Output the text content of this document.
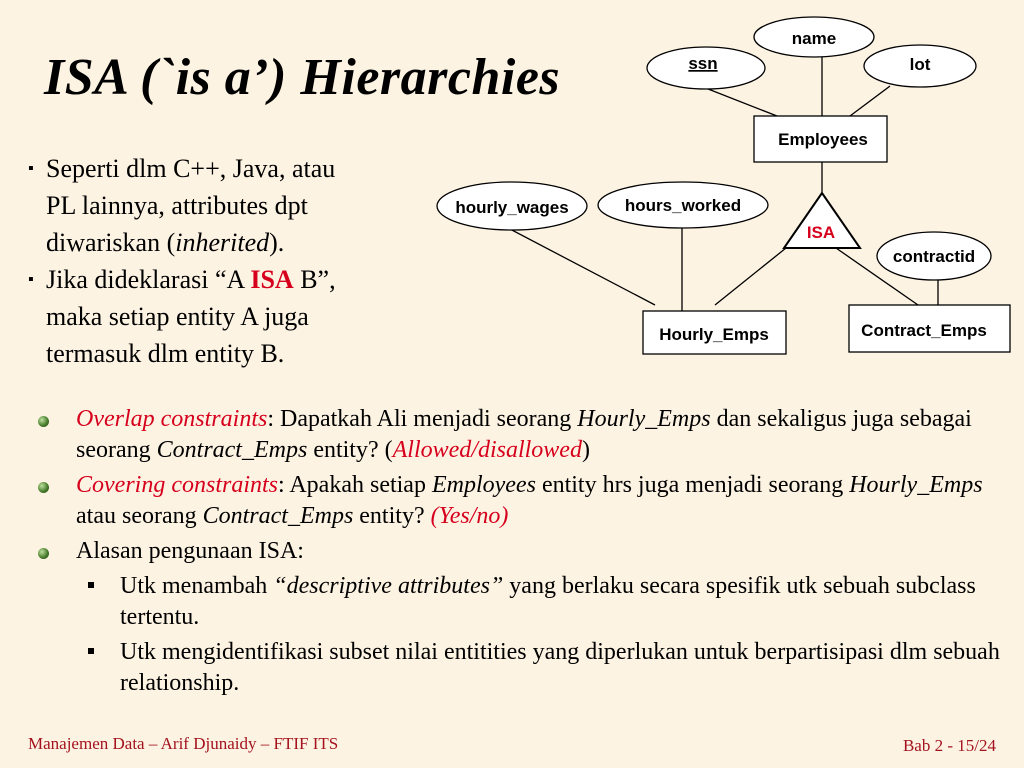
ISA (`is a’) Hierarchies
▪ Seperti dlm C++, Java, atau
PL lainnya, attributes dpt
diwariskan (inherited).
▪ Jika dideklarasi “A ISA B”,
maka setiap entity A juga
termasuk dlm entity B.
name
ssn	lot
Employees
hourly_wages	hours_worked
ISA
contractid
Hourly_Emps	Contract_Emps
Overlap constraints: Dapatkah Ali menjadi seorang Hourly_Emps dan sekaligus juga sebagai seorang Contract_Emps entity? (Allowed/disallowed)
Covering constraints: Apakah setiap Employees entity hrs juga menjadi seorang Hourly_Emps atau seorang Contract_Emps entity? (Yes/no)
Alasan pengunaan ISA:
Utk menambah “descriptive attributes” yang berlaku secara spesifik utk sebuah subclass tertentu.
Utk mengidentifikasi subset nilai entitities yang diperlukan untuk berpartisipasi dlm sebuah relationship.
Manajemen Data – Arif Djunaidy – FTIF ITS	Bab 2 - 15/24
